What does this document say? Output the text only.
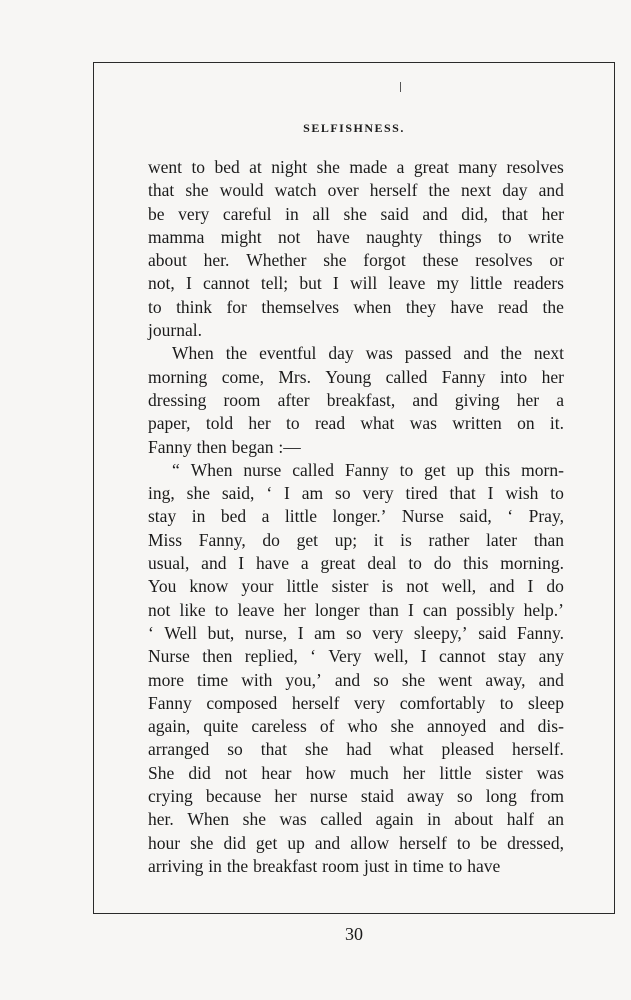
SELFISHNESS.
went to bed at night she made a great many resolves
that she would watch over herself the next day and
be very careful in all she said and did, that her
mamma might not have naughty things to write
about her. Whether she forgot these resolves or
not, I cannot tell; but I will leave my little readers
to think for themselves when they have read the
journal.
When the eventful day was passed and the next
morning come, Mrs. Young called Fanny into her
dressing room after breakfast, and giving her a
paper, told her to read what was written on it.
Fanny then began :—
“ When nurse called Fanny to get up this morn-
ing, she said, ‘ I am so very tired that I wish to
stay in bed a little longer.’ Nurse said, ‘ Pray,
Miss Fanny, do get up; it is rather later than
usual, and I have a great deal to do this morning.
You know your little sister is not well, and I do
not like to leave her longer than I can possibly help.’
‘ Well but, nurse, I am so very sleepy,’ said Fanny.
Nurse then replied, ‘ Very well, I cannot stay any
more time with you,’ and so she went away, and
Fanny composed herself very comfortably to sleep
again, quite careless of who she annoyed and dis-
arranged so that she had what pleased herself.
She did not hear how much her little sister was
crying because her nurse staid away so long from
her. When she was called again in about half an
hour she did get up and allow herself to be dressed,
arriving in the breakfast room just in time to have
30
